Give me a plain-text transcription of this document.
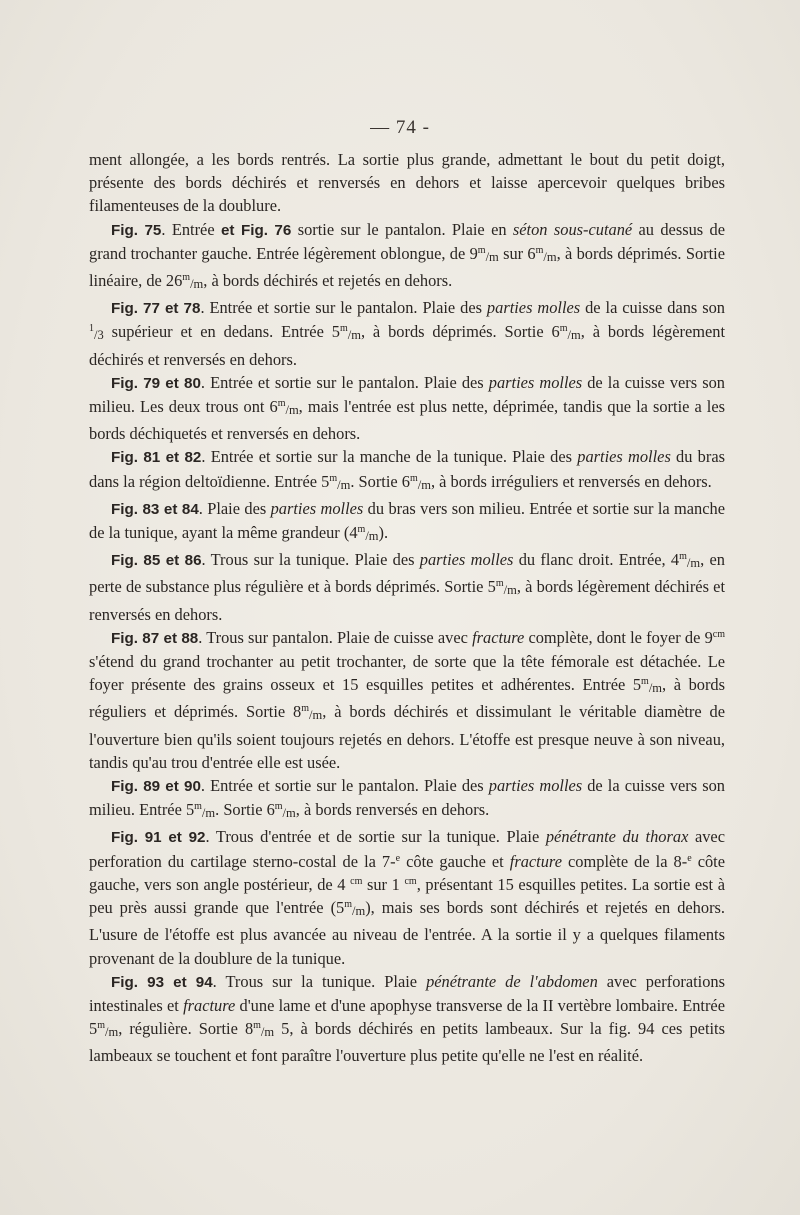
— 74 -

ment allongée, a les bords rentrés. La sortie plus grande, admettant le bout du petit doigt, présente des bords déchirés et renversés en dehors et laisse apercevoir quelques bribes filamenteuses de la doublure.

Fig. 75. Entrée et Fig. 76 sortie sur le pantalon. Plaie en séton sous-cutané au dessus de grand trochanter gauche. Entrée légèrement oblongue, de 9$^m$/m sur 6$^m$/m, à bords déprimés. Sortie linéaire, de 26$^m$/m, à bords déchirés et rejetés en dehors.

Fig. 77 et 78. Entrée et sortie sur le pantalon. Plaie des parties molles de la cuisse dans son $^1$/3 supérieur et en dedans. Entrée 5$^m$/m, à bords déprimés. Sortie 6$^m$/m, à bords légèrement déchirés et renversés en dehors.

Fig. 79 et 80. Entrée et sortie sur le pantalon. Plaie des parties molles de la cuisse vers son milieu. Les deux trous ont 6$^m$/m, mais l'entrée est plus nette, déprimée, tandis que la sortie a les bords déchiquetés et renversés en dehors.

Fig. 81 et 82. Entrée et sortie sur la manche de la tunique. Plaie des parties molles du bras dans la région deltoïdienne. Entrée 5$^m$/m. Sortie 6$^m$/m, à bords irréguliers et renversés en dehors.

Fig. 83 et 84. Plaie des parties molles du bras vers son milieu. Entrée et sortie sur la manche de la tunique, ayant la même grandeur (4$^m$/m).

Fig. 85 et 86. Trous sur la tunique. Plaie des parties molles du flanc droit. Entrée, 4$^m$/m, en perte de substance plus régulière et à bords déprimés. Sortie 5$^m$/m, à bords légèrement déchirés et renversés en dehors.

Fig. 87 et 88. Trous sur pantalon. Plaie de cuisse avec fracture complète, dont le foyer de $9^{cm}$ s'étend du grand trochanter au petit trochanter, de sorte que la tête fémorale est détachée. Le foyer présente des grains osseux et 15 esquilles petites et adhérentes. Entrée 5$^m$/m, à bords réguliers et déprimés. Sortie 8$^m$/m, à bords déchirés et dissimulant le véritable diamètre de l'ouverture bien qu'ils soient toujours rejetés en dehors. L'étoffe est presque neuve à son niveau, tandis qu'au trou d'entrée elle est usée.

Fig. 89 et 90. Entrée et sortie sur le pantalon. Plaie des parties molles de la cuisse vers son milieu. Entrée 5$^m$/m. Sortie 6$^m$/m, à bords renversés en dehors.

Fig. 91 et 92. Trous d'entrée et de sortie sur la tunique. Plaie pénétrante du thorax avec perforation du cartilage sterno-costal de la 7-$^e$ côte gauche et fracture complète de la 8-$^e$ côte gauche, vers son angle postérieur, de 4 $^{cm}$ sur 1 $^{cm}$, présentant 15 esquilles petites. La sortie est à peu près aussi grande que l'entrée (5$^m$/m), mais ses bords sont déchirés et rejetés en dehors. L'usure de l'étoffe est plus avancée au niveau de l'entrée. A la sortie il y a quelques filaments provenant de la doublure de la tunique.

Fig. 93 et 94. Trous sur la tunique. Plaie pénétrante de l'abdomen avec perforations intestinales et fracture d'une lame et d'une apophyse transverse de la II vertèbre lombaire. Entrée 5$^m$/m, régulière. Sortie 8$^m$/m 5, à bords déchirés en petits lambeaux. Sur la fig. 94 ces petits lambeaux se touchent et font paraître l'ouverture plus petite qu'elle ne l'est en réalité.
